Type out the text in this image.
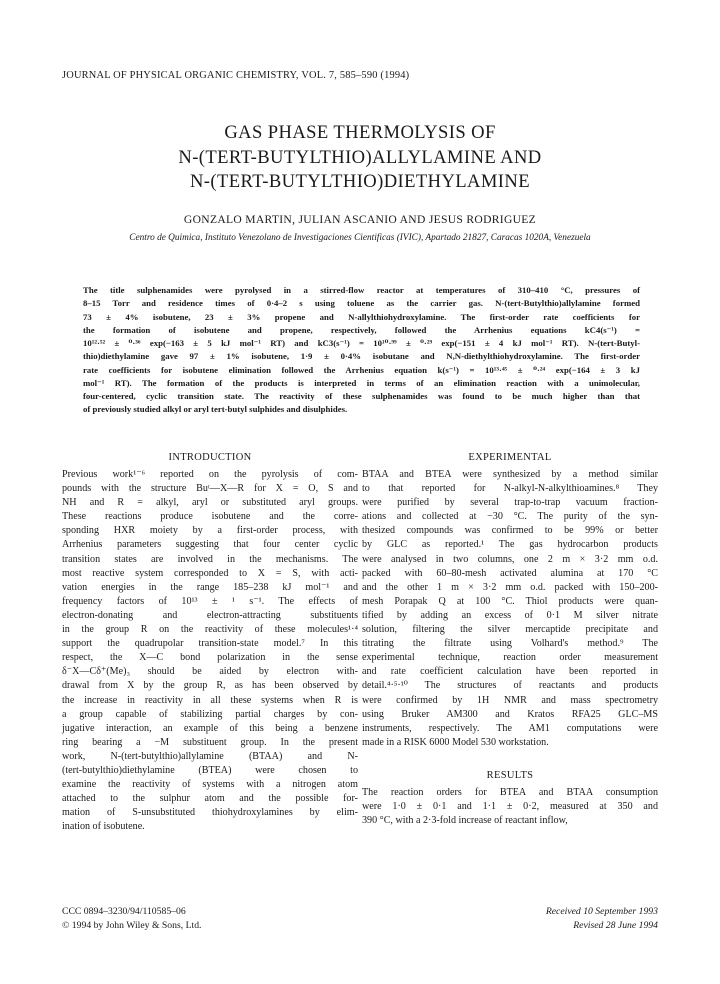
JOURNAL OF PHYSICAL ORGANIC CHEMISTRY, VOL. 7, 585–590 (1994)
GAS PHASE THERMOLYSIS OF
N-(TERT-BUTYLTHIO)ALLYLAMINE AND
N-(TERT-BUTYLTHIO)DIETHYLAMINE
GONZALO MARTIN, JULIAN ASCANIO AND JESUS RODRIGUEZ
Centro de Quimica, Instituto Venezolano de Investigaciones Cientificas (IVIC), Apartado 21827, Caracas 1020A, Venezuela
The title sulphenamides were pyrolysed in a stirred-flow reactor at temperatures of 310–410 °C, pressures of
8–15 Torr and residence times of 0·4–2 s using toluene as the carrier gas. N-(tert-Butylthio)allylamine formed
73 ± 4% isobutene, 23 ± 3% propene and N-allylthiohydroxylamine. The first-order rate coefficients for
the formation of isobutene and propene, respectively, followed the Arrhenius equations kC4(s⁻¹) =
10¹²·⁵² ± ⁰·³⁶ exp(−163 ± 5 kJ mol⁻¹ RT) and kC3(s⁻¹) = 10¹⁰·⁹⁹ ± ⁰·²⁹ exp(−151 ± 4 kJ mol⁻¹ RT). N-(tert-Butyl-
thio)diethylamine gave 97 ± 1% isobutene, 1·9 ± 0·4% isobutane and N,N-diethylthiohydroxylamine. The first-order
rate coefficients for isobutene elimination followed the Arrhenius equation k(s⁻¹) = 10¹³·⁴⁵ ± ⁰·²⁴ exp(−164 ± 3 kJ
mol⁻¹ RT). The formation of the products is interpreted in terms of an elimination reaction with a unimolecular,
four-centered, cyclic transition state. The reactivity of these sulphenamides was found to be much higher than that
of previously studied alkyl or aryl tert-butyl sulphides and disulphides.
INTRODUCTION
Previous work¹⁻⁶ reported on the pyrolysis of com-
pounds with the structure Buᵗ—X—R for X = O, S and
NH and R = alkyl, aryl or substituted aryl groups.
These reactions produce isobutene and the corre-
sponding HXR moiety by a first-order process, with
Arrhenius parameters suggesting that four center cyclic
transition states are involved in the mechanisms. The
most reactive system corresponded to X = S, with acti-
vation energies in the range 185–238 kJ mol⁻¹ and
frequency factors of 10¹³ ± ¹ s⁻¹. The effects of
electron-donating and electron-attracting substituents
in the group R on the reactivity of these molecules¹·⁴
support the quadrupolar transition-state model.⁷ In this
respect, the X—C bond polarization in the sense
δ⁻X—Cδ⁺(Me)₃ should be aided by electron with-
drawal from X by the group R, as has been observed by
the increase in reactivity in all these systems when R is
a group capable of stabilizing partial charges by con-
jugative interaction, an example of this being a benzene
ring bearing a −M substituent group. In the present
work, N-(tert-butylthio)allylamine (BTAA) and N-
(tert-butylthio)diethylamine (BTEA) were chosen to
examine the reactivity of systems with a nitrogen atom
attached to the sulphur atom and the possible for-
mation of S-unsubstituted thiohydroxylamines by elim-
ination of isobutene.
EXPERIMENTAL
BTAA and BTEA were synthesized by a method similar
to that reported for N-alkyl-N-alkylthioamines.⁸ They
were purified by several trap-to-trap vacuum fraction-
ations and collected at −30 °C. The purity of the syn-
thesized compounds was confirmed to be 99% or better
by GLC as reported.¹ The gas hydrocarbon products
were analysed in two columns, one 2 m × 3·2 mm o.d.
packed with 60–80-mesh activated alumina at 170 °C
and the other 1 m × 3·2 mm o.d. packed with 150–200-
mesh Porapak Q at 100 °C. Thiol products were quan-
tified by adding an excess of 0·1 M silver nitrate
solution, filtering the silver mercaptide precipitate and
titrating the filtrate using Volhard's method.⁹ The
experimental technique, reaction order measurement
and rate coefficient calculation have been reported in
detail.⁴·⁵·¹⁰ The structures of reactants and products
were confirmed by 1H NMR and mass spectrometry
using Bruker AM300 and Kratos RFA25 GLC–MS
instruments, respectively. The AM1 computations were
made in a RISK 6000 Model 530 workstation.
RESULTS
The reaction orders for BTEA and BTAA consumption
were 1·0 ± 0·1 and 1·1 ± 0·2, measured at 350 and
390 °C, with a 2·3-fold increase of reactant inflow,
CCC 0894–3230/94/110585–06
© 1994 by John Wiley & Sons, Ltd.
Received 10 September 1993
Revised 28 June 1994
